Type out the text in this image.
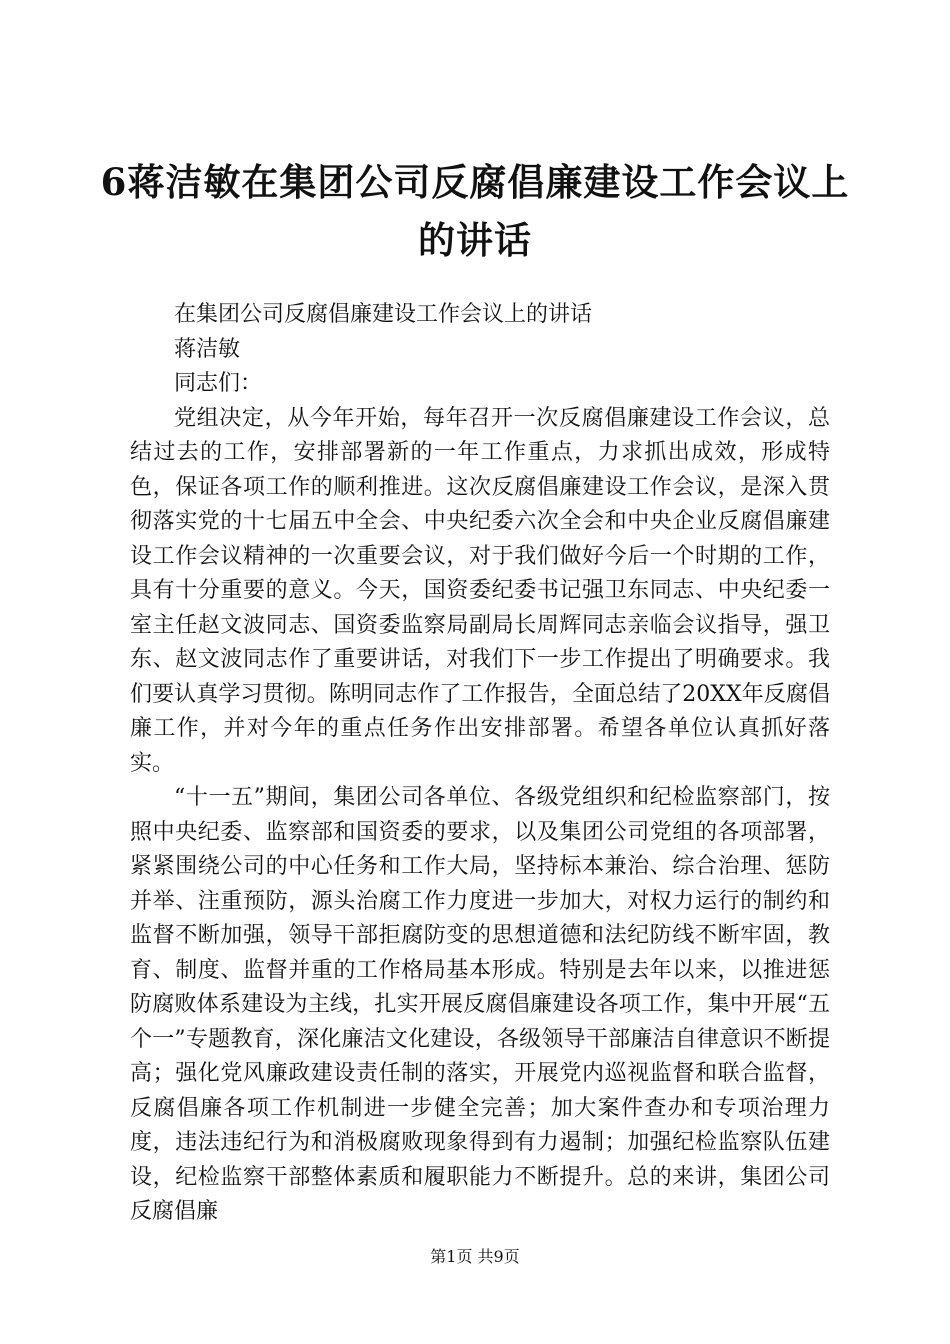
6蒋洁敏在集团公司反腐倡廉建设工作会议上
的讲话

在集团公司反腐倡廉建设工作会议上的讲话

蒋洁敏

同志们：

党组决定，从今年开始，每年召开一次反腐倡廉建设工作会议，总结过去的工作，安排部署新的一年工作重点，力求抓出成效，形成特色，保证各项工作的顺利推进。这次反腐倡廉建设工作会议，是深入贯彻落实党的十七届五中全会、中央纪委六次全会和中央企业反腐倡廉建设工作会议精神的一次重要会议，对于我们做好今后一个时期的工作，具有十分重要的意义。今天，国资委纪委书记强卫东同志、中央纪委一室主任赵文波同志、国资委监察局副局长周辉同志亲临会议指导，强卫东、赵文波同志作了重要讲话，对我们下一步工作提出了明确要求。我们要认真学习贯彻。陈明同志作了工作报告，全面总结了20XX年反腐倡廉工作，并对今年的重点任务作出安排部署。希望各单位认真抓好落实。

“十一五”期间，集团公司各单位、各级党组织和纪检监察部门，按照中央纪委、监察部和国资委的要求，以及集团公司党组的各项部署，紧紧围绕公司的中心任务和工作大局，坚持标本兼治、综合治理、惩防并举、注重预防，源头治腐工作力度进一步加大，对权力运行的制约和监督不断加强，领导干部拒腐防变的思想道德和法纪防线不断牢固，教育、制度、监督并重的工作格局基本形成。特别是去年以来，以推进惩防腐败体系建设为主线，扎实开展反腐倡廉建设各项工作，集中开展“五个一”专题教育，深化廉洁文化建设，各级领导干部廉洁自律意识不断提高；强化党风廉政建设责任制的落实，开展党内巡视监督和联合监督，反腐倡廉各项工作机制进一步健全完善；加大案件查办和专项治理力度，违法违纪行为和消极腐败现象得到有力遏制；加强纪检监察队伍建设，纪检监察干部整体素质和履职能力不断提升。总的来讲，集团公司反腐倡廉

第1页 共9页
